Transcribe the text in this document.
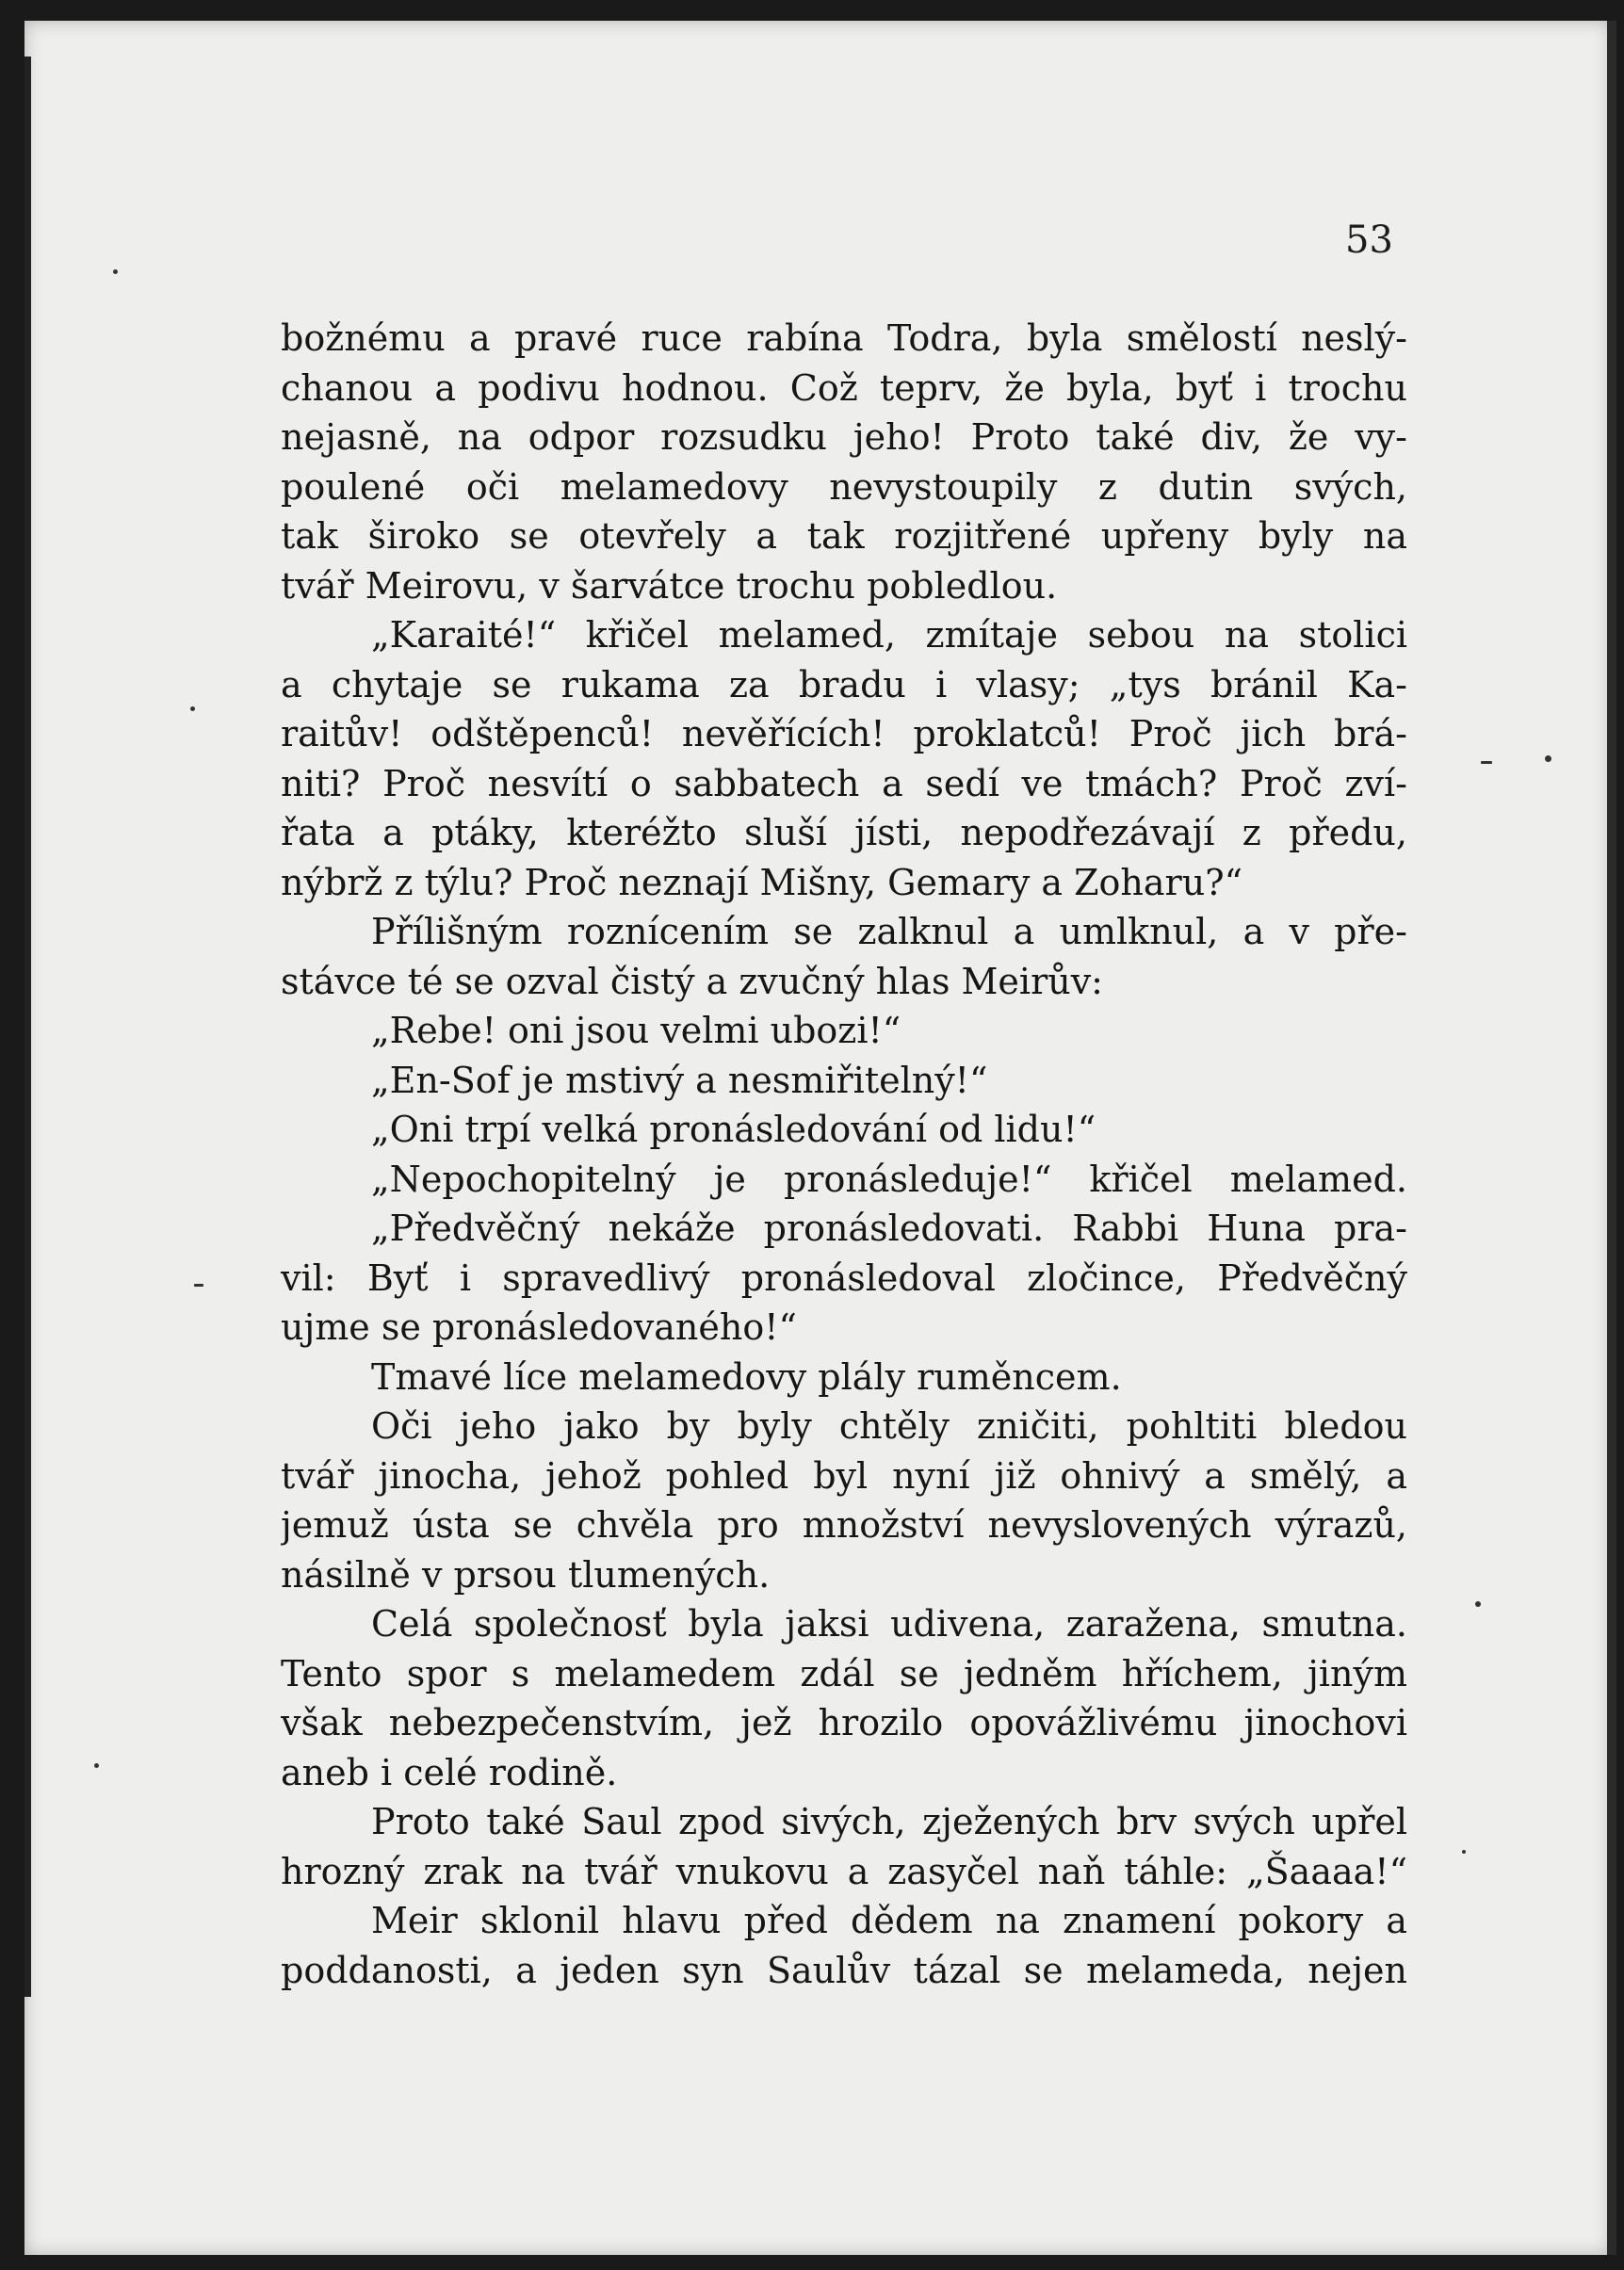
53
božnému a pravé ruce rabína Todra, byla smělostí neslý-
chanou a podivu hodnou. Což teprv, že byla, byť i trochu
nejasně, na odpor rozsudku jeho! Proto také div, že vy-
poulené oči melamedovy nevystoupily z dutin svých,
tak široko se otevřely a tak rozjitřené upřeny byly na
tvář Meirovu, v šarvátce trochu pobledlou.
„Karaité!“ křičel melamed, zmítaje sebou na stolici
a chytaje se rukama za bradu i vlasy; „tys bránil Ka-
raitův! odštěpenců! nevěřících! proklatců! Proč jich brá-
niti? Proč nesvítí o sabbatech a sedí ve tmách? Proč zví-
řata a ptáky, kteréžto sluší jísti, nepodřezávají z předu,
nýbrž z týlu? Proč neznají Mišny, Gemary a Zoharu?“
Přílišným roznícením se zalknul a umlknul, a v pře-
stávce té se ozval čistý a zvučný hlas Meirův:
„Rebe! oni jsou velmi ubozi!“
„En-Sof je mstivý a nesmiřitelný!“
„Oni trpí velká pronásledování od lidu!“
„Nepochopitelný je pronásleduje!“ křičel melamed.
„Předvěčný nekáže pronásledovati. Rabbi Huna pra-
vil: Byť i spravedlivý pronásledoval zločince, Předvěčný
ujme se pronásledovaného!“
Tmavé líce melamedovy plály ruměncem.
Oči jeho jako by byly chtěly zničiti, pohltiti bledou
tvář jinocha, jehož pohled byl nyní již ohnivý a smělý, a
jemuž ústa se chvěla pro množství nevyslovených výrazů,
násilně v prsou tlumených.
Celá společnosť byla jaksi udivena, zaražena, smutna.
Tento spor s melamedem zdál se jedněm hříchem, jiným
však nebezpečenstvím, jež hrozilo opovážlivému jinochovi
aneb i celé rodině.
Proto také Saul zpod sivých, zježených brv svých upřel
hrozný zrak na tvář vnukovu a zasyčel naň táhle: „Šaaaa!“
Meir sklonil hlavu před dědem na znamení pokory a
poddanosti, a jeden syn Saulův tázal se melameda, nejen
